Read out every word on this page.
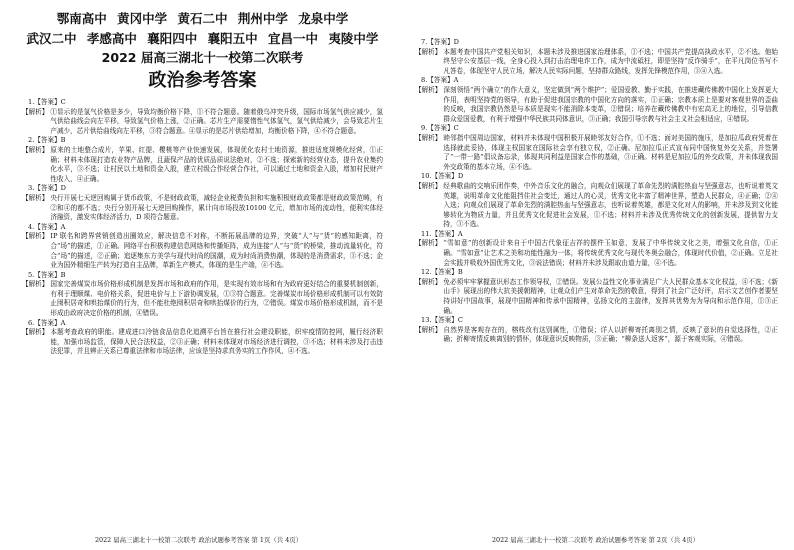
鄂南高中 黄冈中学 黄石二中 荆州中学 龙泉中学
武汉二中 孝感高中 襄阳四中 襄阳五中 宜昌一中 夷陵中学
2022 届高三湖北十一校第二次联考
政治参考答案
1.【答案】C
【解析】 ①显示的是氢气价格是多少，导致均衡价格下降，①不符合题意。随着俄乌冲突升级，国际市场氢气供应减少，氢气供给曲线会向左平移，导致氢气价格上涨，②正确。芯片生产需要惰性气体氢气，氢气供给减少，会导致芯片生产减少，芯片供给曲线向左平移，③符合题意。④显示的是芯片供给增加，均衡价格下降，④不符合题意。
2.【答案】B
【解析】 原来的土地整合成片，苹果、红提、樱桃等产业快速发展，体现优化农村土地资源，推进适度规模化经营，①正确；材料未体现打造农业特产品牌，且蔬保产品的优质品质说法绝对，②不选；探索新的经营业态，提升农业集约化水平，③不选；让村民以土地和资金入股，建立村级合作经营合作社，可以通过土地和资金入股，增加村民财产性收入，④正确。
3.【答案】D
【解析】 央行开展七天逆回购属于货币政策，不是财政政策，减轻企业税费负担和实施积极财政政策都是财政政策范畴，有②和④的都不选；央行分别开展七天逆回购操作，累计向市场投放10100 亿元，增加市场的流动性，便利实体经济融资，激发实体经济活力，D 项符合题意。
4.【答案】A
【解析】 IP 联名和跨界营销创造出圈效应，解决信息不对称，不断拓展品牌的边界，突破“人”与“货”的感知距离，符合“场”的描述，①正确。网络平台积极构建信息网络和传播矩阵，成为连接“人”与“货”的桥梁，推动流量转化，符合“场”的描述，②正确；追逐集东方美学与现代时尚的国潮，成为时尚消费热潮，体现的是消费需求，③不选；企业为国外精细生产转为打造自主品牌，革新生产模式，体现的是生产端，④不选。
5.【答案】B
【解析】 国家完善煤炭市场价格形成机制是发挥市场和政府的作用，是实现有效市场和有为政府更好结合的重要机制创新，有利于理顺煤、电价格关系，促进电价与上下游协调发展，①③符合题意。完善煤炭市场价格形成机制可以有效防止囤积居奇和哄抬煤价的行为，但不能杜绝囤积居奇和哄抬煤价的行为，②错误。煤炭市场价格形成机制，而不是形成由政府决定价格的机制，④错误。
6.【答案】A
【解析】 本题考查政府的职能。建成进口冷链食品信息化追溯平台旨在推行社会建设职能，织牢疫情防控网，履行经济职能，加强市场监管，保障人民合法权益，②③正确；材料未体现对市场经济进行调控，③不选；材料未涉及打击违法犯罪，并且辨正关系已尊重法律和市场法律，应该是坚持求真务实的工作作风，④不选。
2022 届高三湖北十一校第二次联考 政治试题参考答案 第 1页（共 4页）
7.【答案】D
【解析】 本题考查中国共产党相关知识，本题未涉及推进国家治理体系，①不选；中国共产党提高执政水平，②不选。他始终坚守公安基层一线，全身心投入到打击治理电诈工作，成为中流砥柱，即是坚持“反诈骑手”，在平凡岗位书写不凡答卷，体现坚守人民立场，解决人民实际问题，坚持群众路线，发挥先锋模范作用，③④入选。
8.【答案】A
【解析】 深刻领悟“两个确立”的作大意义，坚定做到“两个维护”；爱国爱教、勤于实践，在推进藏传佛教中国化上发挥更大作用，表明坚持党的领导，有助于促进我国宗教的中国化方向的落实，①正确；宗教本质上是要对客观世界的歪曲的反映，我国宗教仍然是与本质是现实不能消除本变革，②错误；培养在藏传佛教中有宏高无上的地位，引导信教群众爱国爱教，有利于增强中华民族共同体意识，③正确；我国引导宗教与社会主义社会相适应，④错误。
9.【答案】C
【解析】 睦邻指中国周边国家，材料并未体现中国积极开展睦邻友好合作，①不选；面对美国的施压，是加拉瓜政府凭着在选择就此妥协，体现主权国家在国际社会享有独立权，②正确。尼加拉瓜正式宣布同中国恢复外交关系，并签署了“一带一路”倡议备忘录，体现其同利益是国家合作的基础，③正确。材料是尼加拉瓜的外交政策，并未体现我国外交政策的基本立场，④不选。
10.【答案】D
【解析】 经典歌曲的交响乐团作奏，中外音乐文化的融合，向观众们展现了革命先烈的满腔热血与坚强意志，也听说着英文英雄，说明革命文化能阻挡住社会变迁，通过人的心灵，优秀文化丰富了精神世界，塑造人民群众，④正确；②④入选；向观众们展现了革命先烈的满腔热血与坚强意志，也听说着英雄，都是文化对人的影响，并未涉及到文化能够转化为物质力量，并且优秀文化促进社会发展，①不选；材料并未涉及优秀传统文化的创新发展，提供智力支持，③不选。
11.【答案】A
【解析】 “雪如意”的创新设计来自于中国古代象征吉祥的摆件玉如意，发展了中华传统文化之美，增强文化自信，①正确。“雪如意”让艺术之美和功能性融为一体，将传统优秀文化与现代冬奥会融合，体现时代价值，②正确。立足社会实践并吸收外国优秀文化，③说法错误；材料并未涉及跟取由道力量，④不选。
12.【答案】B
【解析】 免必须牢牢掌握意识形态工作领导权，②错误。发展公益性文化事业满足广大人民群众基本文化权益，④不选；《新山手》展现出的伟大抗美援朝精神，让观众们产生对革命先烈的敬意，得到了社会广泛好评，启示文艺创作者要坚持讲好中国故事，展现中国精神和传承中国精神，弘扬文化的主旋律，发挥其优势为为导向和示范作用，①③正确。
13.【答案】C
【解析】 自然界是客观存在的，榕枝改有这别属性，①错误；详人以折柳寄托离别之情，反映了意识的自觉选择性，②正确；折柳寄情反映离别的情怀，体现意识反映物质，③正确；“柳条送人返客”，源于客观实际，④错误。
2022 届高三湖北十一校第二次联考 政治试题参考答案 第 2页（共 4页）
